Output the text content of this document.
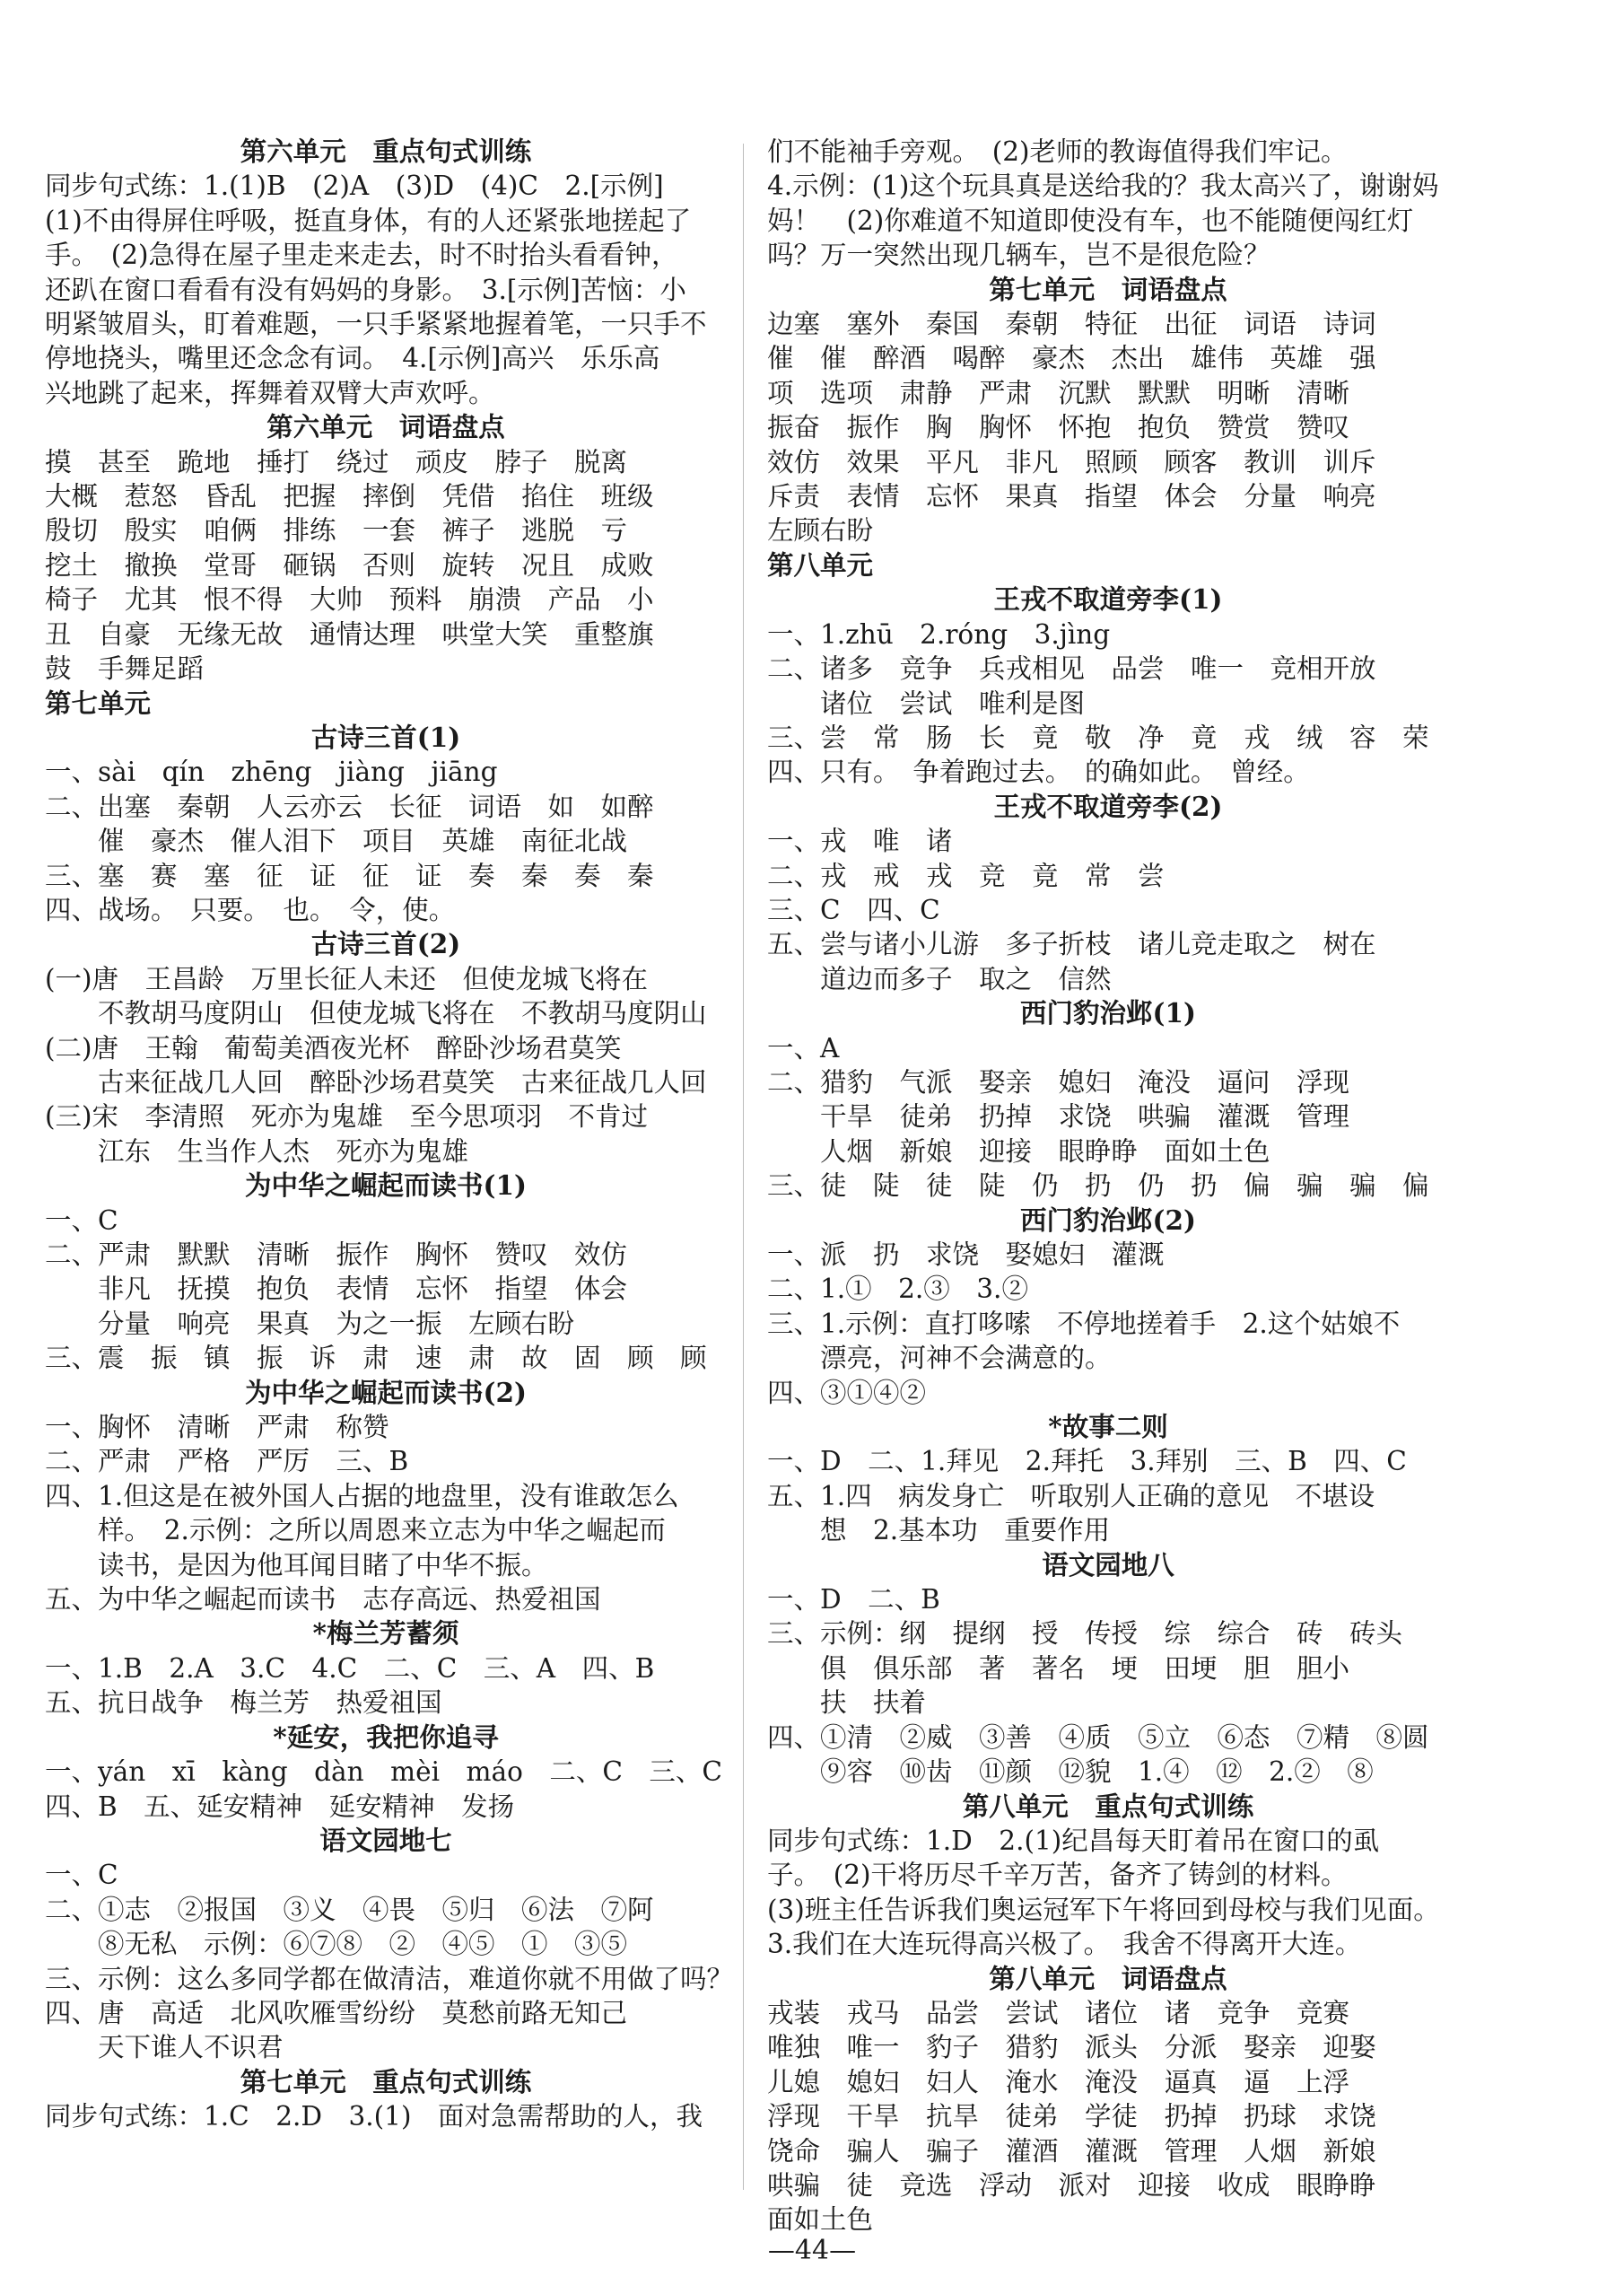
第六单元　重点句式训练
同步句式练：1.(1)B　(2)A　(3)D　(4)C　2.[示例]
(1)不由得屏住呼吸，挺直身体，有的人还紧张地搓起了
手。　(2)急得在屋子里走来走去，时不时抬头看看钟，
还趴在窗口看看有没有妈妈的身影。　3.[示例]苦恼：小
明紧皱眉头，盯着难题，一只手紧紧地握着笔，一只手不
停地挠头，嘴里还念念有词。　4.[示例]高兴　乐乐高
兴地跳了起来，挥舞着双臂大声欢呼。
第六单元　词语盘点
摸　甚至　跪地　捶打　绕过　顽皮　脖子　脱离
大概　惹怒　昏乱　把握　摔倒　凭借　掐住　班级
殷切　殷实　咱俩　排练　一套　裤子　逃脱　亏
挖土　撤换　堂哥　砸锅　否则　旋转　况且　成败
椅子　尤其　恨不得　大帅　预料　崩溃　产品　小
丑　自豪　无缘无故　通情达理　哄堂大笑　重整旗
鼓　手舞足蹈
第七单元
古诗三首(1)
一、sài　qín　zhēng　jiàng　jiāng
二、出塞　秦朝　人云亦云　长征　词语　如　如醉
　　催　豪杰　催人泪下　项目　英雄　南征北战
三、塞　赛　塞　征　证　征　证　奏　秦　奏　秦
四、战场。　只要。　也。　令，使。
古诗三首(2)
(一)唐　王昌龄　万里长征人未还　但使龙城飞将在
　　不教胡马度阴山　但使龙城飞将在　不教胡马度阴山
(二)唐　王翰　葡萄美酒夜光杯　醉卧沙场君莫笑
　　古来征战几人回　醉卧沙场君莫笑　古来征战几人回
(三)宋　李清照　死亦为鬼雄　至今思项羽　不肯过
　　江东　生当作人杰　死亦为鬼雄
为中华之崛起而读书(1)
一、C
二、严肃　默默　清晰　振作　胸怀　赞叹　效仿
　　非凡　抚摸　抱负　表情　忘怀　指望　体会
　　分量　响亮　果真　为之一振　左顾右盼
三、震　振　镇　振　诉　肃　速　肃　故　固　顾　顾
为中华之崛起而读书(2)
一、胸怀　清晰　严肃　称赞
二、严肃　严格　严厉　三、B
四、1.但这是在被外国人占据的地盘里，没有谁敢怎么
　　样。　2.示例：之所以周恩来立志为中华之崛起而
　　读书，是因为他耳闻目睹了中华不振。
五、为中华之崛起而读书　志存高远、热爱祖国
*梅兰芳蓄须
一、1.B　2.A　3.C　4.C　二、C　三、A　四、B
五、抗日战争　梅兰芳　热爱祖国
*延安，我把你追寻
一、yán　xī　kàng　dàn　mèi　máo　二、C　三、C
四、B　五、延安精神　延安精神　发扬
语文园地七
一、C
二、①志　②报国　③义　④畏　⑤归　⑥法　⑦阿
　　⑧无私　示例：⑥⑦⑧　②　④⑤　①　③⑤
三、示例：这么多同学都在做清洁，难道你就不用做了吗？
四、唐　高适　北风吹雁雪纷纷　莫愁前路无知己
　　天下谁人不识君
第七单元　重点句式训练
同步句式练：1.C　2.D　3.(1)　面对急需帮助的人，我
们不能袖手旁观。　(2)老师的教诲值得我们牢记。
4.示例：(1)这个玩具真是送给我的？我太高兴了，谢谢妈
妈！　(2)你难道不知道即使没有车，也不能随便闯红灯
吗？万一突然出现几辆车，岂不是很危险？
第七单元　词语盘点
边塞　塞外　秦国　秦朝　特征　出征　词语　诗词
催　催　醉酒　喝醉　豪杰　杰出　雄伟　英雄　强
项　选项　肃静　严肃　沉默　默默　明晰　清晰
振奋　振作　胸　胸怀　怀抱　抱负　赞赏　赞叹
效仿　效果　平凡　非凡　照顾　顾客　教训　训斥
斥责　表情　忘怀　果真　指望　体会　分量　响亮
左顾右盼
第八单元
王戎不取道旁李(1)
一、1.zhū　2.róng　3.jìng
二、诸多　竞争　兵戎相见　品尝　唯一　竞相开放
　　诸位　尝试　唯利是图
三、尝　常　肠　长　竟　敬　净　竟　戎　绒　容　荣
四、只有。　争着跑过去。　的确如此。　曾经。
王戎不取道旁李(2)
一、戎　唯　诸
二、戎　戒　戎　竞　竟　常　尝
三、C　四、C
五、尝与诸小儿游　多子折枝　诸儿竞走取之　树在
　　道边而多子　取之　信然
西门豹治邺(1)
一、A
二、猎豹　气派　娶亲　媳妇　淹没　逼问　浮现
　　干旱　徒弟　扔掉　求饶　哄骗　灌溉　管理
　　人烟　新娘　迎接　眼睁睁　面如土色
三、徒　陡　徒　陡　仍　扔　仍　扔　偏　骗　骗　偏
西门豹治邺(2)
一、派　扔　求饶　娶媳妇　灌溉
二、1.①　2.③　3.②
三、1.示例：直打哆嗦　不停地搓着手　2.这个姑娘不
　　漂亮，河神不会满意的。
四、③①④②
*故事二则
一、D　二、1.拜见　2.拜托　3.拜别　三、B　四、C
五、1.四　病发身亡　听取别人正确的意见　不堪设
　　想　2.基本功　重要作用
语文园地八
一、D　二、B
三、示例：纲　提纲　授　传授　综　综合　砖　砖头
　　俱　俱乐部　著　著名　埂　田埂　胆　胆小
　　扶　扶着
四、①清　②威　③善　④质　⑤立　⑥态　⑦精　⑧圆
　　⑨容　⑩齿　⑪颜　⑫貌　1.④　⑫　2.②　⑧
第八单元　重点句式训练
同步句式练：1.D　2.(1)纪昌每天盯着吊在窗口的虱
子。　(2)干将历尽千辛万苦，备齐了铸剑的材料。
(3)班主任告诉我们奥运冠军下午将回到母校与我们见面。
3.我们在大连玩得高兴极了。　我舍不得离开大连。
第八单元　词语盘点
戎装　戎马　品尝　尝试　诸位　诸　竞争　竞赛
唯独　唯一　豹子　猎豹　派头　分派　娶亲　迎娶
儿媳　媳妇　妇人　淹水　淹没　逼真　逼　上浮
浮现　干旱　抗旱　徒弟　学徒　扔掉　扔球　求饶
饶命　骗人　骗子　灌酒　灌溉　管理　人烟　新娘
哄骗　徒　竞选　浮动　派对　迎接　收成　眼睁睁
面如土色
—44—
